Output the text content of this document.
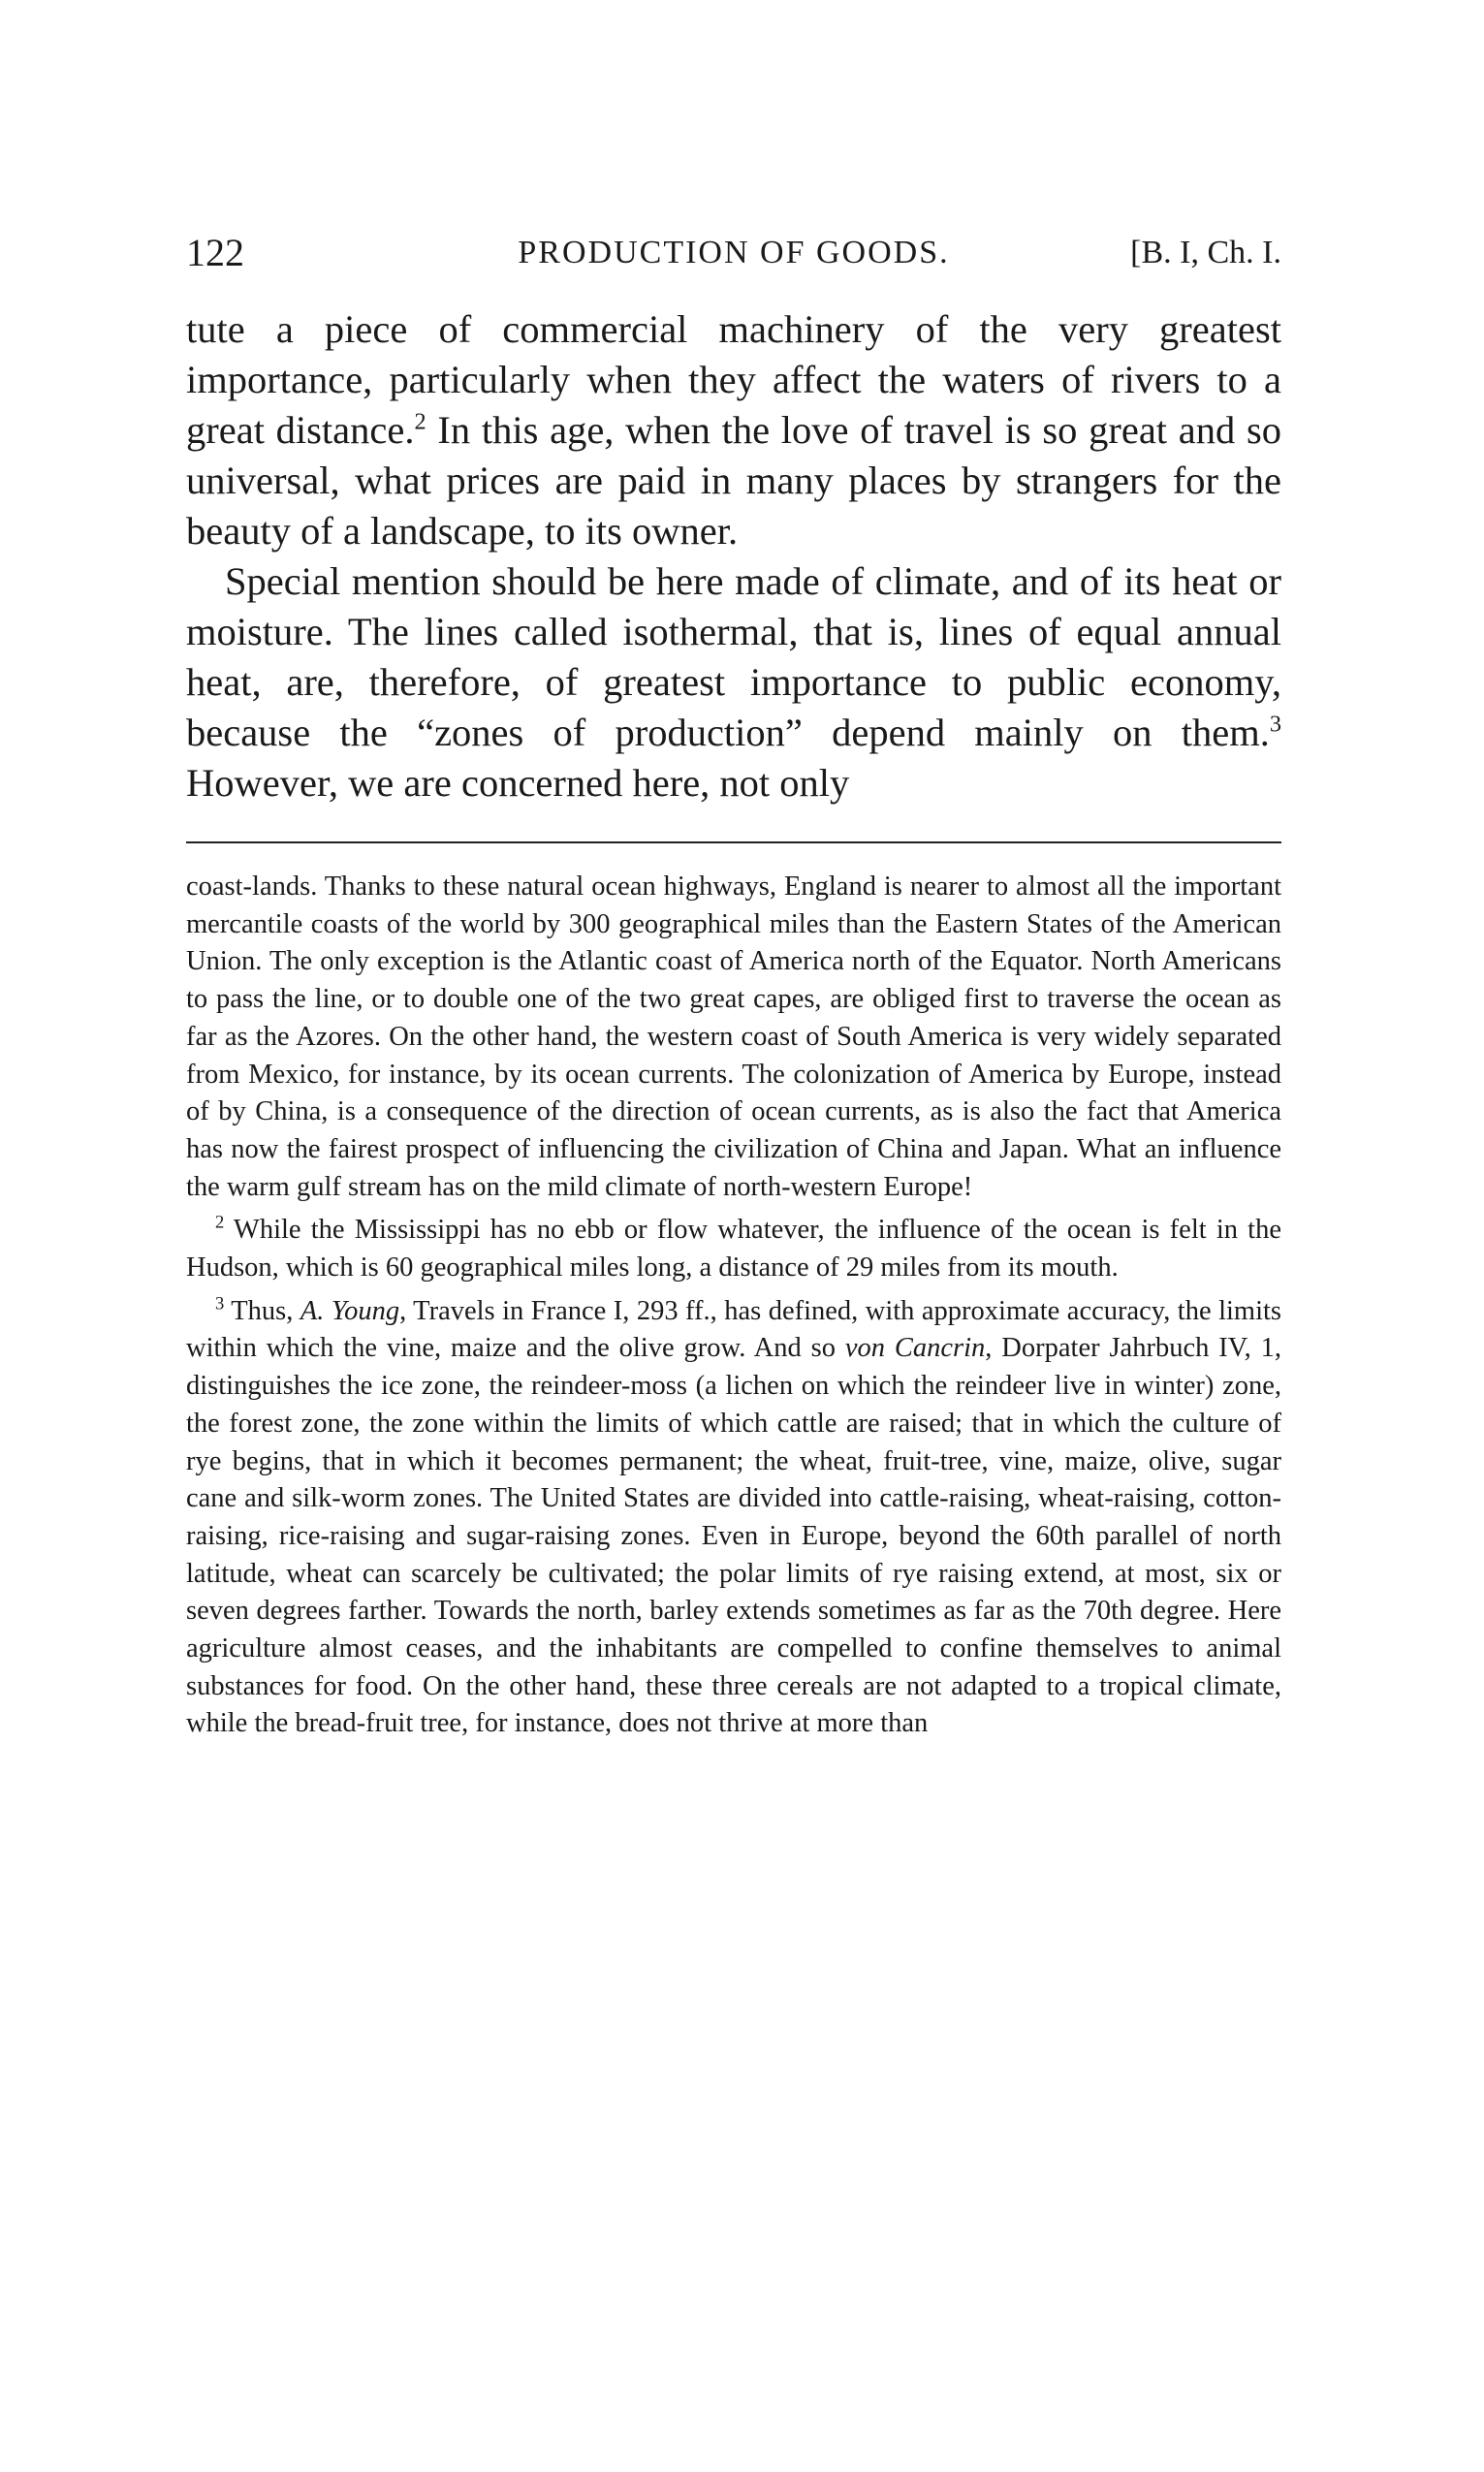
122	PRODUCTION OF GOODS.	[B. I, Ch. I.

tute a piece of commercial machinery of the very greatest importance, particularly when they affect the waters of rivers to a great distance.$^2$ In this age, when the love of travel is so great and so universal, what prices are paid in many places by strangers for the beauty of a landscape, to its owner.

Special mention should be here made of climate, and of its heat or moisture. The lines called isothermal, that is, lines of equal annual heat, are, therefore, of greatest importance to public economy, because the “zones of production” depend mainly on them.$^3$ However, we are concerned here, not only

coast-lands. Thanks to these natural ocean highways, England is nearer to almost all the important mercantile coasts of the world by 300 geographical miles than the Eastern States of the American Union. The only exception is the Atlantic coast of America north of the Equator. North Americans to pass the line, or to double one of the two great capes, are obliged first to traverse the ocean as far as the Azores. On the other hand, the western coast of South America is very widely separated from Mexico, for instance, by its ocean currents. The colonization of America by Europe, instead of by China, is a consequence of the direction of ocean currents, as is also the fact that America has now the fairest prospect of influencing the civilization of China and Japan. What an influence the warm gulf stream has on the mild climate of north-western Europe!

$^2$ While the Mississippi has no ebb or flow whatever, the influence of the ocean is felt in the Hudson, which is 60 geographical miles long, a distance of 29 miles from its mouth.

$^3$ Thus, A. Young, Travels in France I, 293 ff., has defined, with approximate accuracy, the limits within which the vine, maize and the olive grow. And so von Cancrin, Dorpater Jahrbuch IV, 1, distinguishes the ice zone, the reindeer-moss (a lichen on which the reindeer live in winter) zone, the forest zone, the zone within the limits of which cattle are raised; that in which the culture of rye begins, that in which it becomes permanent; the wheat, fruit-tree, vine, maize, olive, sugar cane and silk-worm zones. The United States are divided into cattle-raising, wheat-raising, cotton-raising, rice-raising and sugar-raising zones. Even in Europe, beyond the 60th parallel of north latitude, wheat can scarcely be cultivated; the polar limits of rye raising extend, at most, six or seven degrees farther. Towards the north, barley extends sometimes as far as the 70th degree. Here agriculture almost ceases, and the inhabitants are compelled to confine themselves to animal substances for food. On the other hand, these three cereals are not adapted to a tropical climate, while the bread-fruit tree, for instance, does not thrive at more than
